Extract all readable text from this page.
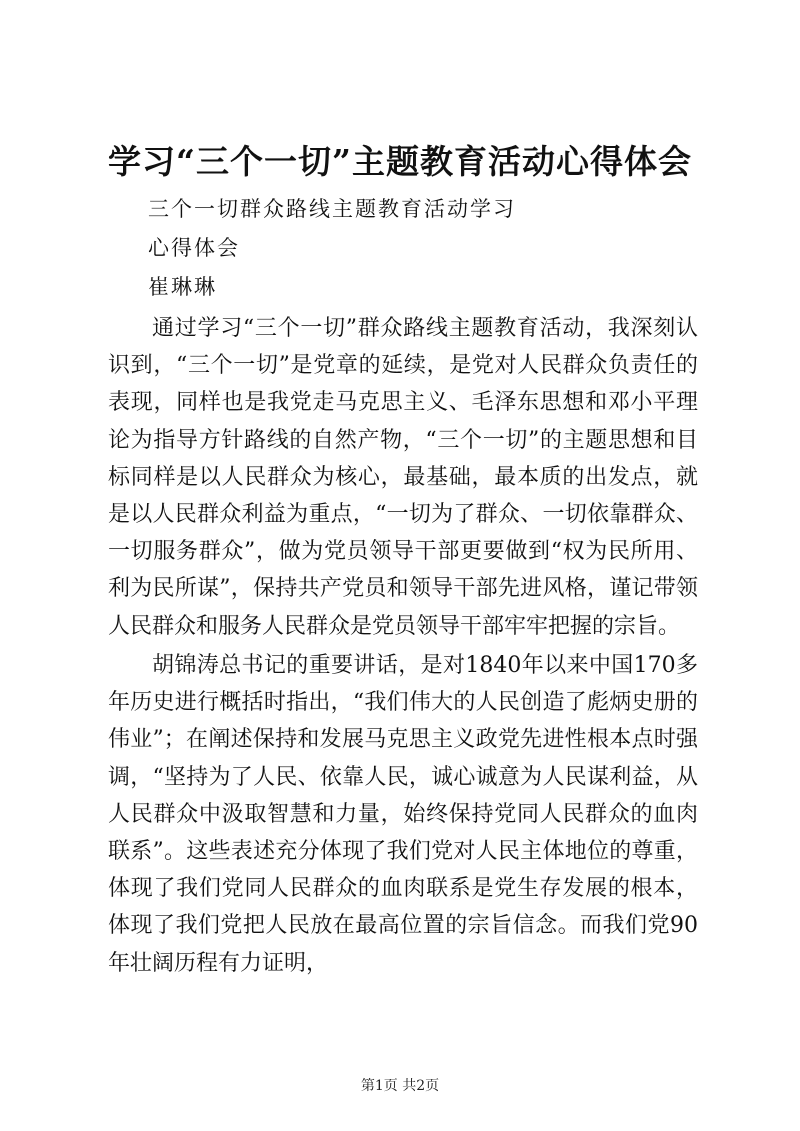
学习“三个一切”主题教育活动心得体会
三个一切群众路线主题教育活动学习
心得体会
崔琳琳
通过学习“三个一切”群众路线主题教育活动，我深刻认识到，“三个一切”是党章的延续，是党对人民群众负责任的表现，同样也是我党走马克思主义、毛泽东思想和邓小平理论为指导方针路线的自然产物，“三个一切”的主题思想和目标同样是以人民群众为核心，最基础，最本质的出发点，就是以人民群众利益为重点，“一切为了群众、一切依靠群众、一切服务群众”，做为党员领导干部更要做到“权为民所用、利为民所谋”，保持共产党员和领导干部先进风格，谨记带领人民群众和服务人民群众是党员领导干部牢牢把握的宗旨。
胡锦涛总书记的重要讲话，是对1840年以来中国170多年历史进行概括时指出，“我们伟大的人民创造了彪炳史册的伟业”；在阐述保持和发展马克思主义政党先进性根本点时强调，“坚持为了人民、依靠人民，诚心诚意为人民谋利益，从人民群众中汲取智慧和力量，始终保持党同人民群众的血肉联系”。这些表述充分体现了我们党对人民主体地位的尊重，体现了我们党同人民群众的血肉联系是党生存发展的根本，体现了我们党把人民放在最高位置的宗旨信念。而我们党90年壮阔历程有力证明，
第1页 共2页
